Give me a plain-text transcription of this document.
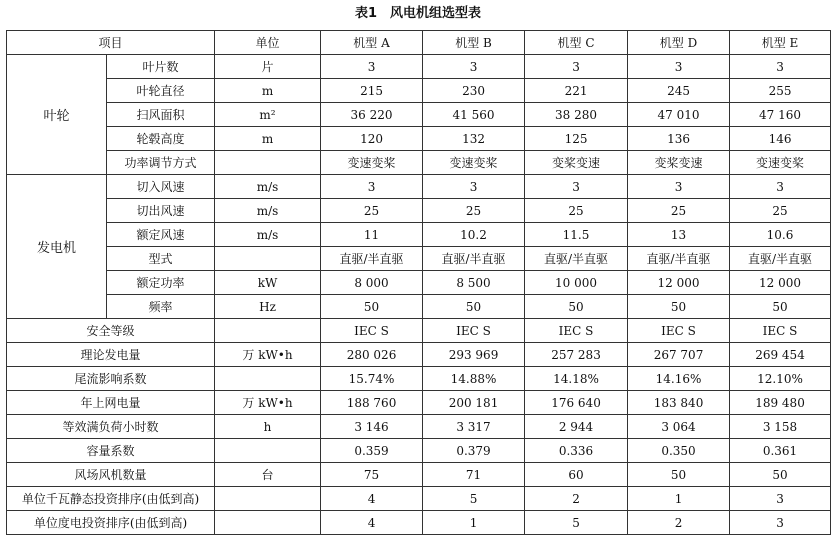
表1　风电机组选型表
项目		单位	机型 A	机型 B	机型 C	机型 D	机型 E
叶轮	叶片数	片	3	3	3	3	3
	叶轮直径	m	215	230	221	245	255
	扫风面积	m²	36 220	41 560	38 280	47 010	47 160
	轮毂高度	m	120	132	125	136	146
	功率调节方式		变速变桨	变速变桨	变桨变速	变桨变速	变速变桨
发电机	切入风速	m/s	3	3	3	3	3
	切出风速	m/s	25	25	25	25	25
	额定风速	m/s	11	10.2	11.5	13	10.6
	型式		直驱/半直驱	直驱/半直驱	直驱/半直驱	直驱/半直驱	直驱/半直驱
	额定功率	kW	8 000	8 500	10 000	12 000	12 000
	频率	Hz	50	50	50	50	50
安全等级			IEC S	IEC S	IEC S	IEC S	IEC S
理论发电量		万 kW•h	280 026	293 969	257 283	267 707	269 454
尾流影响系数			15.74%	14.88%	14.18%	14.16%	12.10%
年上网电量		万 kW•h	188 760	200 181	176 640	183 840	189 480
等效满负荷小时数		h	3 146	3 317	2 944	3 064	3 158
容量系数			0.359	0.379	0.336	0.350	0.361
风场风机数量		台	75	71	60	50	50
单位千瓦静态投资排序(由低到高)			4	5	2	1	3
单位度电投资排序(由低到高)			4	1	5	2	3
